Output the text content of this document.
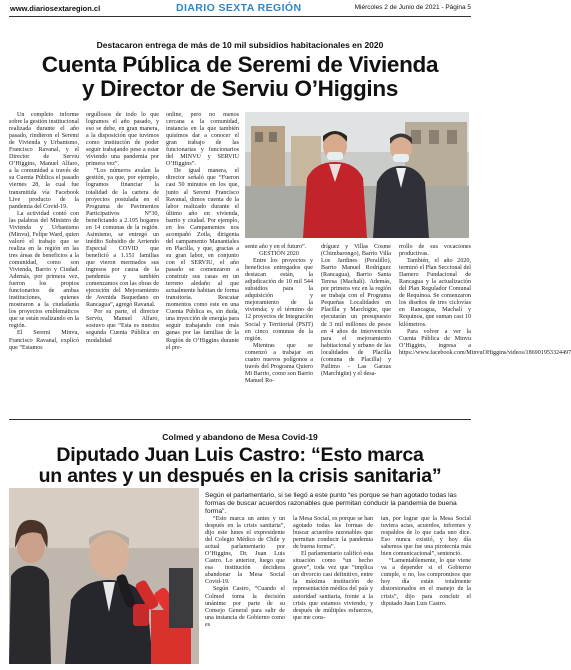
www.diariosextaregion.cl	DIARIO SEXTA REGIÓN	Miércoles 2 de Junio de 2021 - Página 5
Destacaron entrega de más de 10 mil subsidios habitacionales en 2020
Cuenta Pública de Seremi de Vivienda
y Director de Serviu O’Higgins

Un completo informe sobre la gestión institucional realizada durante el año pasado, rindieron el Seremi de Vivienda y Urbanismo, Francisco Ravanal, y el Director de Serviu O’Higgins, Manuel Alfaro, a la comunidad a través de su Cuenta Pública el pasado viernes 28, la cual fue transmitida vía Facebook Live producto de la pandemia del Covid-19.

La actividad contó con las palabras del Ministro de Vivienda y Urbanismo (Minvu), Felipe Ward, quien valoró el trabajo que se realiza en la región en las tres áreas de beneficios a la comunidad, como son Vivienda, Barrio y Ciudad. Además, por primera vez, fueron los propios funcionarios de ambas instituciones, quienes mostraron a la ciudadanía los proyectos emblemáticos que se están realizando en la región.

El Seremi Minvu, Francisco Ravanal, explicó que “Estamos

orgullosos de todo lo que logramos el año pasado, y eso se debe, en gran manera, a la disposición que tuvimos como institución de poder seguir trabajando pese a estar viviendo una pandemia por primera vez”.

“Los números avalan la gestión, ya que, por ejemplo, logramos financiar la totalidad de la cartera de proyectos postulada en el Programa de Pavimentos Participativos N°30, beneficiando a 2.195 hogares en 14 comunas de la región. Asimismo, se entregó un inédito Subsidio de Arriendo Especial COVID que benefició a 1.151 familias que vieron mermados sus ingresos por causa de la pandemia y también comenzamos con las obras de ejecución del Mejoramiento de Avenida Baquedano en Rancagua”, agregó Ravanal.

Por su parte, el director Serviu, Manuel Alfaro, sostuvo que “Esta es nuestra segunda Cuenta Pública en modalidad

online, pero no menos cercana a la comunidad, instancia en la que también quisimos dar a conocer el gran trabajo de las funcionarias y funcionarios del MINVU y SERVIU O’Higgins”.

De igual manera, el director señaló que “Fueron casi 50 minutos en los que, junto al Seremi Francisco Ravanal, dimos cuenta de la labor realizado durante el último año en vivienda, barrio y ciudad. Por ejemplo, en los Campamentos nos acompañó Zoila, dirigenta del campamento Manantiales en Placilla, y que, gracias a su gran labor, en conjunto con el SERVIU, el año pasado se comenzaron a construir sus casas en un terreno aledaño al que actualmente habitan de forma transitoria. Rescatar momentos como este en una Cuenta Pública es, sin duda, una inyección de energía para seguir trabajando con más ganas por las familias de la Región de O’Higgins durante el pre-

sente año y en el futuro”.

GESTIÓN 2020

Entre los proyectos y beneficios entregados que destacan están, la adjudicación de 10 mil 544 subsidios para la adquisición y mejoramiento de la vivienda; y el término de 12 proyectos de Integración Social y Territorial (PSIT) en cinco comunas de la región.

Mientras que se comenzó a trabajar en cuatro nuevos polígonos a través del Programa Quiero Mi Barrio, como son Barrio Manuel Ro-

dríguez y Villas Cosme (Chimbarongo), Barrio Villa Los Jardines (Peralillo), Barrio Manuel Rodríguez (Rancagua), Barrio Santa Teresa (Machalí). Además, por primera vez en la región se trabaja con el Programa Pequeñas Localidades en Placilla y Marchigüe, que ejecutarán un presupuesto de 3 mil millones de pesos en 4 años de intervención para el mejoramiento habitacional y urbano de las localidades de Placilla (comuna de Placilla) y Pailimo - Las Garzas (Marchigüe) y el desa-

rrollo de sus vocaciones productivas.

También, el año 2020, terminó el Plan Seccional del Damero Fundacional de Rancagua y la actualización del Plan Regulador Comunal de Requínoa. Se comenzaron los diseños de tres ciclovías en Rancagua, Machalí y Requínoa, que suman casi 10 kilómetros.

Para volver a ver la Cuenta Pública de Minvu O’Higgins, ingresa a https://www.facebook.com/MinvuOHiggins/videos/186901953324497

Colmed y abandono de Mesa Covid-19
Diputado Juan Luis Castro: “Esto marca
un antes y un después en la crisis sanitaria”
Según el parlamentario, si se llegó a este punto “es porque se han agotado todas las formas de buscar acuerdos razonables que permitan conducir la pandemia de buena forma”.

“Esto marca un antes y un después en la crisis sanitaria”, dijo este lunes el expresidente del Colegio Médico de Chile y actual parlamentario por O’Higgins, Dr. Juan Luis Castro. Lo anterior, luego que esa institución decidiera abandonar la Mesa Social Covid-19.

Según Castro, “Cuando el Colmed toma la decisión unánime por parte de su Consejo General para salir de una instancia de Gobierno como es

la Mesa Social, es porque se han agotado todas las formas de buscar acuerdos razonables que permitan conducir la pandemia de buena forma”.

El parlamentario calificó esta situación como “un hecho grave”, toda vez que “implica un divorcio casi definitivo, entre la máxima institución de representación médica del país y autoridad sanitaria, frente a la crisis que estamos viviendo, y después de múltiples esfuerzos, que me cons-

tan, por lograr que la Mesa Social tuviera actas, acuerdos, informes y respaldos de lo que cada uno dice. Eso nunca existió, y hoy día sabemos que fue una pirotecnia más bien comunicacional”, sentenció.

“Lamentablemente, lo que viene va a depender si el Gobierno cumple, o no, los compromisos que hoy día están totalmente distorsionados en el manejo de la crisis”, dijo para concluir el diputado Juan Luis Castro.
